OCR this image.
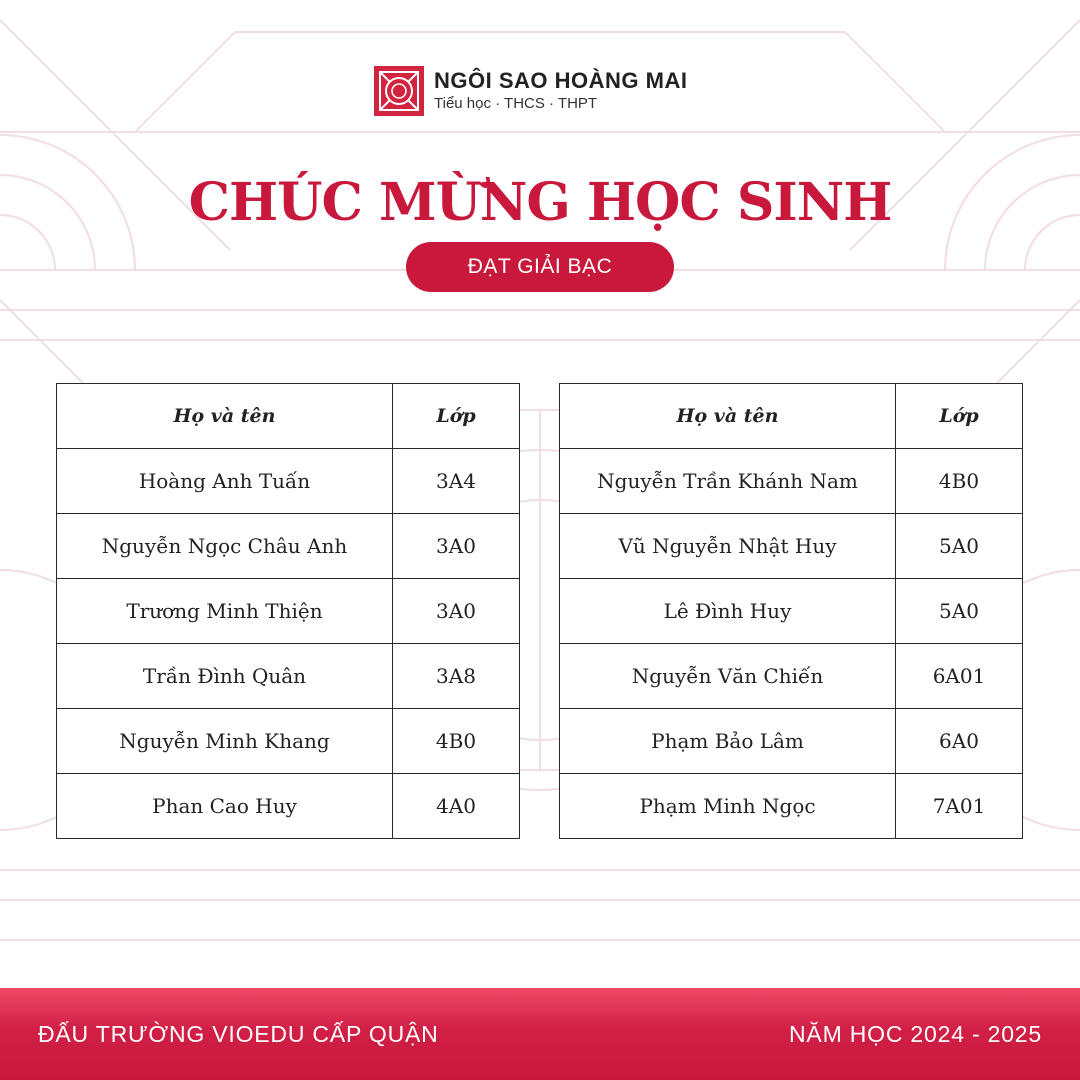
NGÔI SAO HOÀNG MAI
Tiểu học · THCS · THPT
CHÚC MỪNG HỌC SINH
ĐẠT GIẢI BẠC
Họ và tên	Lớp
Hoàng Anh Tuấn	3A4
Nguyễn Ngọc Châu Anh	3A0
Trương Minh Thiện	3A0
Trần Đình Quân	3A8
Nguyễn Minh Khang	4B0
Phan Cao Huy	4A0
Họ và tên	Lớp
Nguyễn Trần Khánh Nam	4B0
Vũ Nguyễn Nhật Huy	5A0
Lê Đình Huy	5A0
Nguyễn Văn Chiến	6A01
Phạm Bảo Lâm	6A0
Phạm Minh Ngọc	7A01
ĐẤU TRƯỜNG VIOEDU CẤP QUẬN	NĂM HỌC 2024 - 2025
